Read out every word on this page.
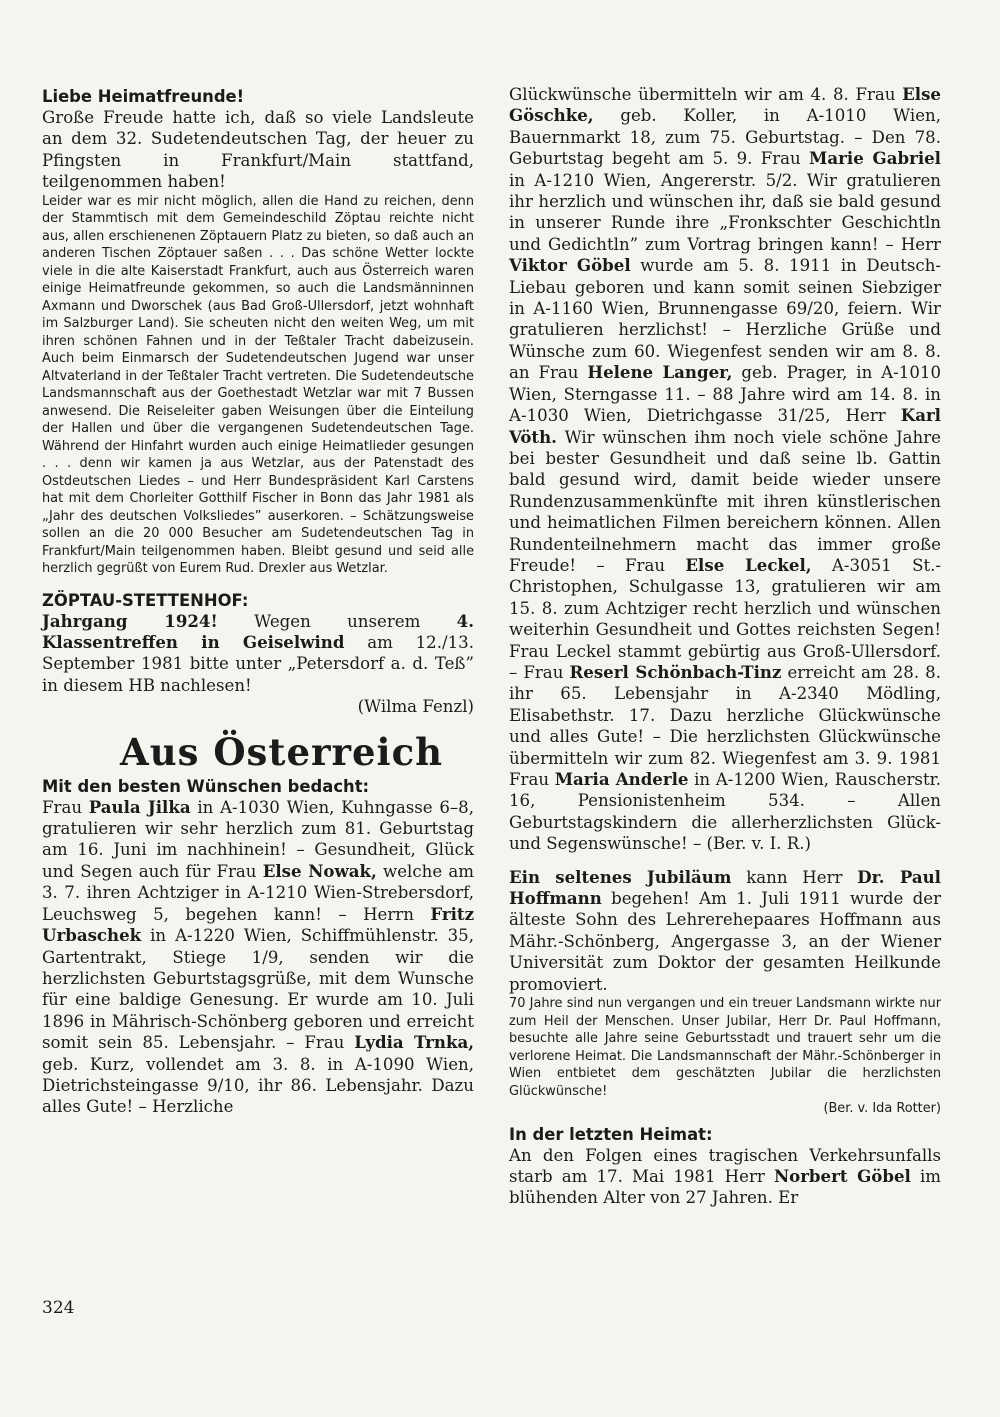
Liebe Heimatfreunde!

Große Freude hatte ich, daß so viele Landsleute an dem 32. Sudetendeutschen Tag, der heuer zu Pfingsten in Frankfurt/Main stattfand, teilgenommen haben!

Leider war es mir nicht möglich, allen die Hand zu reichen, denn der Stammtisch mit dem Gemeindeschild Zöptau reichte nicht aus, allen erschienenen Zöptauern Platz zu bieten, so daß auch an anderen Tischen Zöptauer saßen . . . Das schöne Wetter lockte viele in die alte Kaiserstadt Frankfurt, auch aus Österreich waren einige Heimatfreunde gekommen, so auch die Landsmänninnen Axmann und Dworschek (aus Bad Groß-Ullersdorf, jetzt wohnhaft im Salzburger Land). Sie scheuten nicht den weiten Weg, um mit ihren schönen Fahnen und in der Teßtaler Tracht dabeizusein. Auch beim Einmarsch der Sudetendeutschen Jugend war unser Altvaterland in der Teßtaler Tracht vertreten. Die Sudetendeutsche Landsmannschaft aus der Goethestadt Wetzlar war mit 7 Bussen anwesend. Die Reiseleiter gaben Weisungen über die Einteilung der Hallen und über die vergangenen Sudetendeutschen Tage. Während der Hinfahrt wurden auch einige Heimatlieder gesungen . . . denn wir kamen ja aus Wetzlar, aus der Patenstadt des Ostdeutschen Liedes – und Herr Bundespräsident Karl Carstens hat mit dem Chorleiter Gotthilf Fischer in Bonn das Jahr 1981 als „Jahr des deutschen Volksliedes” auserkoren. – Schätzungsweise sollen an die 20 000 Besucher am Sudetendeutschen Tag in Frankfurt/Main teilgenommen haben. Bleibt gesund und seid alle herzlich gegrüßt von Eurem Rud. Drexler aus Wetzlar.

ZÖPTAU-STETTENHOF:

Jahrgang 1924! Wegen unserem 4. Klassentreffen in Geiselwind am 12./13. September 1981 bitte unter „Petersdorf a. d. Teß” in diesem HB nachlesen!

(Wilma Fenzl)

Aus Österreich

Mit den besten Wünschen bedacht:

Frau Paula Jilka in A-1030 Wien, Kuhngasse 6–8, gratulieren wir sehr herzlich zum 81. Geburtstag am 16. Juni im nachhinein! – Gesundheit, Glück und Segen auch für Frau Else Nowak, welche am 3. 7. ihren Achtziger in A-1210 Wien-Strebersdorf, Leuchsweg 5, begehen kann! – Herrn Fritz Urbaschek in A-1220 Wien, Schiffmühlenstr. 35, Gartentrakt, Stiege 1/9, senden wir die herzlichsten Geburtstagsgrüße, mit dem Wunsche für eine baldige Genesung. Er wurde am 10. Juli 1896 in Mährisch-Schönberg geboren und erreicht somit sein 85. Lebensjahr. – Frau Lydia Trnka, geb. Kurz, vollendet am 3. 8. in A-1090 Wien, Dietrichsteingasse 9/10, ihr 86. Lebensjahr. Dazu alles Gute! – Herzliche

Glückwünsche übermitteln wir am 4. 8. Frau Else Göschke, geb. Koller, in A-1010 Wien, Bauernmarkt 18, zum 75. Geburtstag. – Den 78. Geburtstag begeht am 5. 9. Frau Marie Gabriel in A-1210 Wien, Angererstr. 5/2. Wir gratulieren ihr herzlich und wünschen ihr, daß sie bald gesund in unserer Runde ihre „Fronkschter Geschichtln und Gedichtln” zum Vortrag bringen kann! – Herr Viktor Göbel wurde am 5. 8. 1911 in Deutsch-Liebau geboren und kann somit seinen Siebziger in A-1160 Wien, Brunnengasse 69/20, feiern. Wir gratulieren herzlichst! – Herzliche Grüße und Wünsche zum 60. Wiegenfest senden wir am 8. 8. an Frau Helene Langer, geb. Prager, in A-1010 Wien, Sterngasse 11. – 88 Jahre wird am 14. 8. in A-1030 Wien, Dietrichgasse 31/25, Herr Karl Vöth. Wir wünschen ihm noch viele schöne Jahre bei bester Gesundheit und daß seine lb. Gattin bald gesund wird, damit beide wieder unsere Rundenzusammenkünfte mit ihren künstlerischen und heimatlichen Filmen bereichern können. Allen Rundenteilnehmern macht das immer große Freude! – Frau Else Leckel, A-3051 St.-Christophen, Schulgasse 13, gratulieren wir am 15. 8. zum Achtziger recht herzlich und wünschen weiterhin Gesundheit und Gottes reichsten Segen! Frau Leckel stammt gebürtig aus Groß-Ullersdorf. – Frau Reserl Schönbach-Tinz erreicht am 28. 8. ihr 65. Lebensjahr in A-2340 Mödling, Elisabethstr. 17. Dazu herzliche Glückwünsche und alles Gute! – Die herzlichsten Glückwünsche übermitteln wir zum 82. Wiegenfest am 3. 9. 1981 Frau Maria Anderle in A-1200 Wien, Rauscherstr. 16, Pensionistenheim 534. – Allen Geburtstagskindern die allerherzlichsten Glück- und Segenswünsche! – (Ber. v. I. R.)

Ein seltenes Jubiläum kann Herr Dr. Paul Hoffmann begehen! Am 1. Juli 1911 wurde der älteste Sohn des Lehrerehepaares Hoffmann aus Mähr.-Schönberg, Angergasse 3, an der Wiener Universität zum Doktor der gesamten Heilkunde promoviert.

70 Jahre sind nun vergangen und ein treuer Landsmann wirkte nur zum Heil der Menschen. Unser Jubilar, Herr Dr. Paul Hoffmann, besuchte alle Jahre seine Geburtsstadt und trauert sehr um die verlorene Heimat. Die Landsmannschaft der Mähr.-Schönberger in Wien entbietet dem geschätzten Jubilar die herzlichsten Glückwünsche!

(Ber. v. Ida Rotter)

In der letzten Heimat:

An den Folgen eines tragischen Verkehrsunfalls starb am 17. Mai 1981 Herr Norbert Göbel im blühenden Alter von 27 Jahren. Er

324
